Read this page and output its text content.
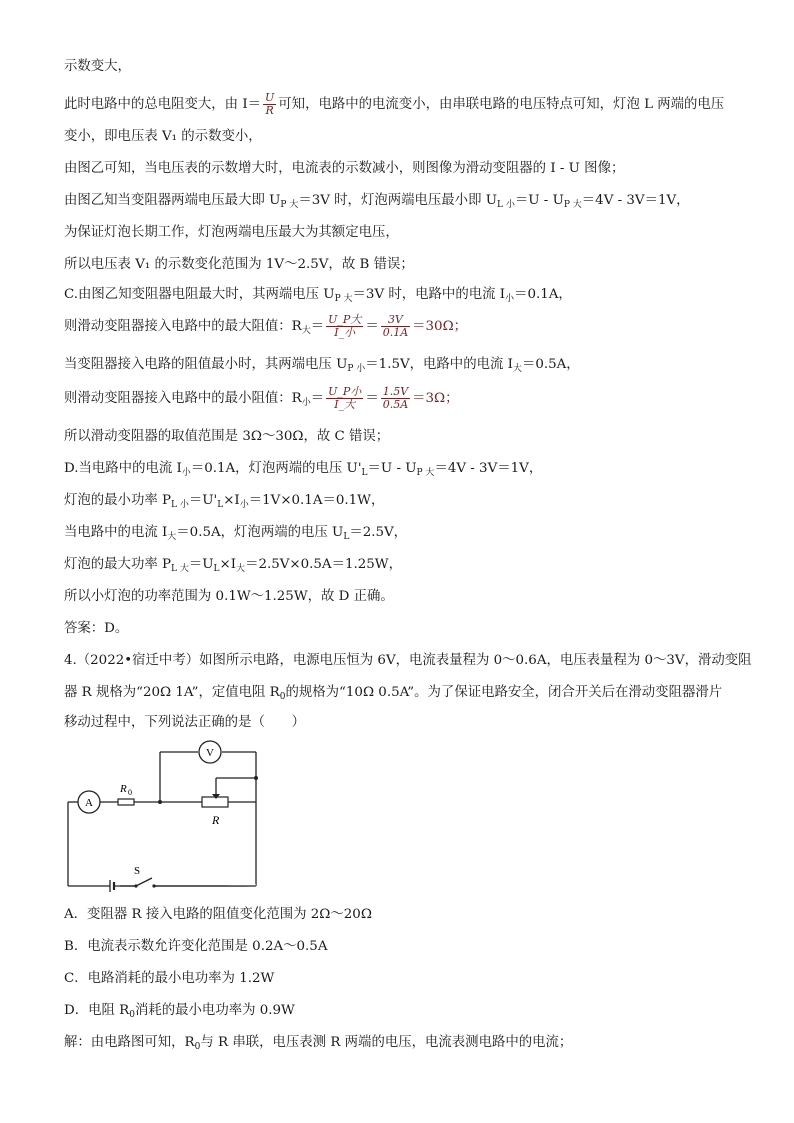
示数变大，
此时电路中的总电阻变大，由 $I= \frac{U}{R}$ 可知，电路中的电流变小，由串联电路的电压特点可知，灯泡 L 两端的电压
变小，即电压表 V₁ 的示数变小，
由图乙可知，当电压表的示数增大时，电流表的示数减小，则图像为滑动变阻器的 I - U 图像；
由图乙知当变阻器两端电压最大即 $U_{P 大}=3V$ 时，灯泡两端电压最小即 $U_{L 小}=U - U_{P 大}=4V - 3V=1V$，
为保证灯泡长期工作，灯泡两端电压最大为其额定电压，
所以电压表 V₁ 的示数变化范围为 1V～2.5V，故 B 错误；
C.由图乙知变阻器电阻最大时，其两端电压 $U_{P 大}=3V$ 时，电路中的电流 $I_小=0.1A$，
则滑动变阻器接入电路中的最大阻值：$R_大= \frac{\text{U\_P大}}{\text{I\_小}} = \frac{3V}{0.1A} =30\Omega$；
当变阻器接入电路的阻值最小时，其两端电压 $U_{P 小}=1.5V$，电路中的电流 $I_大=0.5A$，
则滑动变阻器接入电路中的最小阻值：$R_小= \frac{\text{U\_P小}}{\text{I\_大}} = \frac{1.5V}{0.5A} =3\Omega$；
所以滑动变阻器的取值范围是 3Ω～30Ω，故 C 错误；
D.当电路中的电流 $I_小=0.1A$，灯泡两端的电压 $U'_L=U - U_{P 大}=4V - 3V=1V$，
灯泡的最小功率 $P_{L 小}=U'_L\times I_小=1V\times 0.1A=0.1W$，
当电路中的电流 $I_大=0.5A$，灯泡两端的电压 $U_L=2.5V$，
灯泡的最大功率 $P_{L 大}=U_L\times I_大=2.5V\times 0.5A=1.25W$，
所以小灯泡的功率范围为 0.1W～1.25W，故 D 正确。
答案：D。
4.（2022•宿迁中考）如图所示电路，电源电压恒为 6V，电流表量程为 0～0.6A，电压表量程为 0～3V，滑动变阻
器 R 规格为“20Ω 1A”，定值电阻 $R_0$的规格为“10Ω 0.5A”。为了保证电路安全，闭合开关后在滑动变阻器滑片
移动过程中，下列说法正确的是（　　）
A
R 0
V
R
S
A．变阻器 R 接入电路的阻值变化范围为 2Ω～20Ω
B．电流表示数允许变化范围是 0.2A～0.5A
C．电路消耗的最小电功率为 1.2W
D．电阻 $R_0$消耗的最小电功率为 0.9W
解：由电路图可知，$R_0$与 R 串联，电压表测 R 两端的电压，电流表测电路中的电流；
